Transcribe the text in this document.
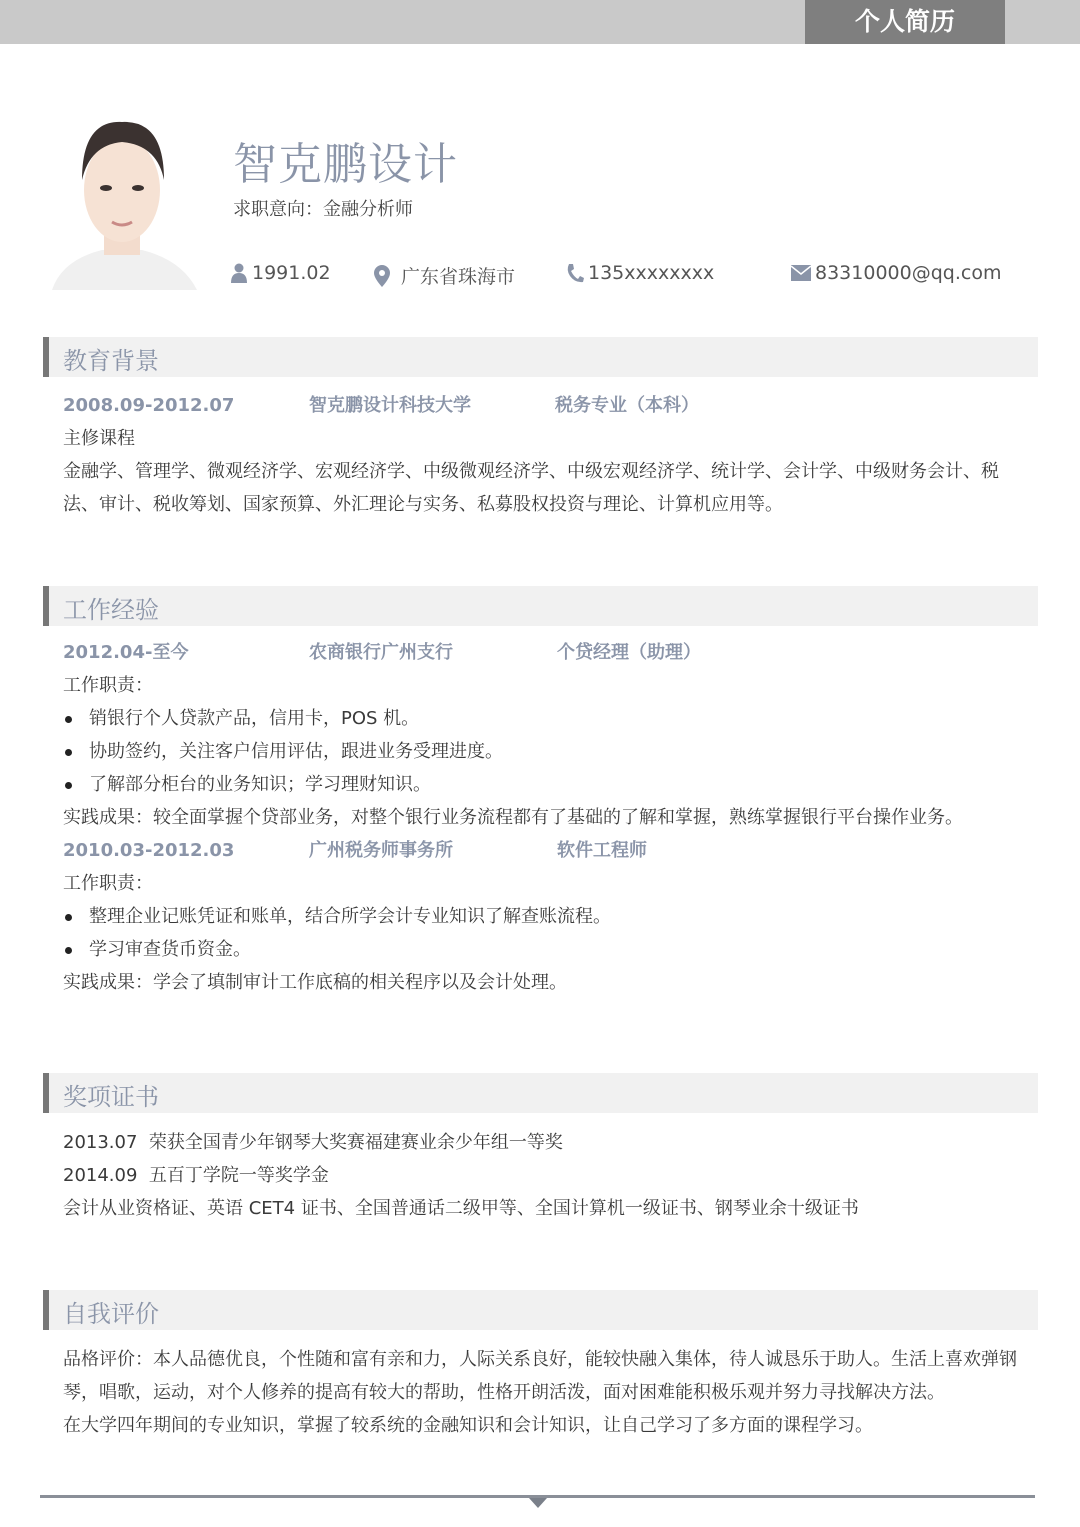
个人简历
智克鹏设计
求职意向：金融分析师
1991.02	广东省珠海市	135xxxxxxxx	83310000@qq.com
教育背景
2008.09-2012.07	智克鹏设计科技大学	税务专业（本科）
主修课程
金融学、管理学、微观经济学、宏观经济学、中级微观经济学、中级宏观经济学、统计学、会计学、中级财务会计、税法、审计、税收筹划、国家预算、外汇理论与实务、私募股权投资与理论、计算机应用等。
工作经验
2012.04-至今	农商银行广州支行	个贷经理（助理）
工作职责：
销银行个人贷款产品，信用卡，POS 机。
协助签约，关注客户信用评估，跟进业务受理进度。
了解部分柜台的业务知识；学习理财知识。
实践成果：较全面掌握个贷部业务，对整个银行业务流程都有了基础的了解和掌握，熟练掌握银行平台操作业务。
2010.03-2012.03	广州税务师事务所	软件工程师
工作职责：
整理企业记账凭证和账单，结合所学会计专业知识了解查账流程。
学习审查货币资金。
实践成果：学会了填制审计工作底稿的相关程序以及会计处理。
奖项证书
2013.07  荣获全国青少年钢琴大奖赛福建赛业余少年组一等奖
2014.09  五百丁学院一等奖学金
会计从业资格证、英语 CET4 证书、全国普通话二级甲等、全国计算机一级证书、钢琴业余十级证书
自我评价
品格评价：本人品德优良，个性随和富有亲和力，人际关系良好，能较快融入集体，待人诚恳乐于助人。生活上喜欢弹钢琴，唱歌，运动，对个人修养的提高有较大的帮助，性格开朗活泼，面对困难能积极乐观并努力寻找解决方法。
在大学四年期间的专业知识，掌握了较系统的金融知识和会计知识，让自己学习了多方面的课程学习。
